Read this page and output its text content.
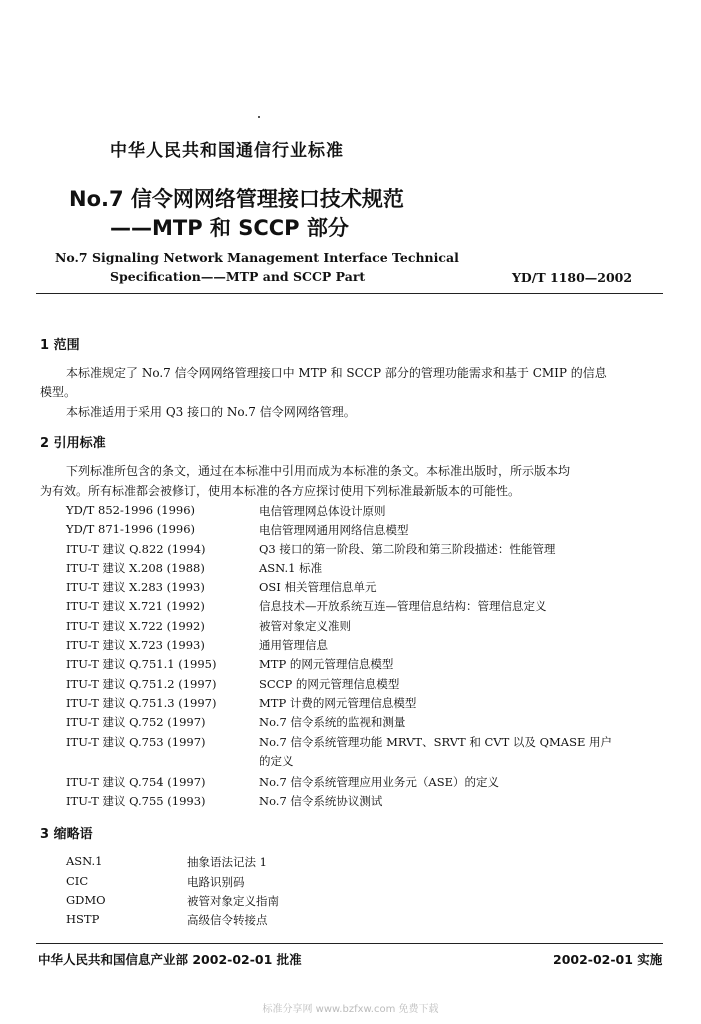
中华人民共和国通信行业标准
No.7 信令网网络管理接口技术规范
——MTP 和 SCCP 部分
No.7 Signaling Network Management Interface Technical
Specification——MTP and SCCP Part	YD/T 1180—2002
1 范围
本标准规定了 No.7 信令网网络管理接口中 MTP 和 SCCP 部分的管理功能需求和基于 CMIP 的信息
模型。
本标准适用于采用 Q3 接口的 No.7 信令网网络管理。
2 引用标准
下列标准所包含的条文，通过在本标准中引用而成为本标准的条文。本标准出版时，所示版本均
为有效。所有标准都会被修订，使用本标准的各方应探讨使用下列标准最新版本的可能性。
YD/T 852-1996 (1996)	电信管理网总体设计原则
YD/T 871-1996 (1996)	电信管理网通用网络信息模型
ITU-T 建议 Q.822 (1994)	Q3 接口的第一阶段、第二阶段和第三阶段描述：性能管理
ITU-T 建议 X.208 (1988)	ASN.1 标准
ITU-T 建议 X.283 (1993)	OSI 相关管理信息单元
ITU-T 建议 X.721 (1992)	信息技术—开放系统互连—管理信息结构：管理信息定义
ITU-T 建议 X.722 (1992)	被管对象定义准则
ITU-T 建议 X.723 (1993)	通用管理信息
ITU-T 建议 Q.751.1 (1995)	MTP 的网元管理信息模型
ITU-T 建议 Q.751.2 (1997)	SCCP 的网元管理信息模型
ITU-T 建议 Q.751.3 (1997)	MTP 计费的网元管理信息模型
ITU-T 建议 Q.752 (1997)	No.7 信令系统的监视和测量
ITU-T 建议 Q.753 (1997)	No.7 信令系统管理功能 MRVT、SRVT 和 CVT 以及 QMASE 用户
的定义
ITU-T 建议 Q.754 (1997)	No.7 信令系统管理应用业务元（ASE）的定义
ITU-T 建议 Q.755 (1993)	No.7 信令系统协议测试
3 缩略语
ASN.1	抽象语法记法 1
CIC	电路识别码
GDMO	被管对象定义指南
HSTP	高级信令转接点
中华人民共和国信息产业部 2002-02-01 批准	2002-02-01 实施
标准分享网 www.bzfxw.com 免费下载
